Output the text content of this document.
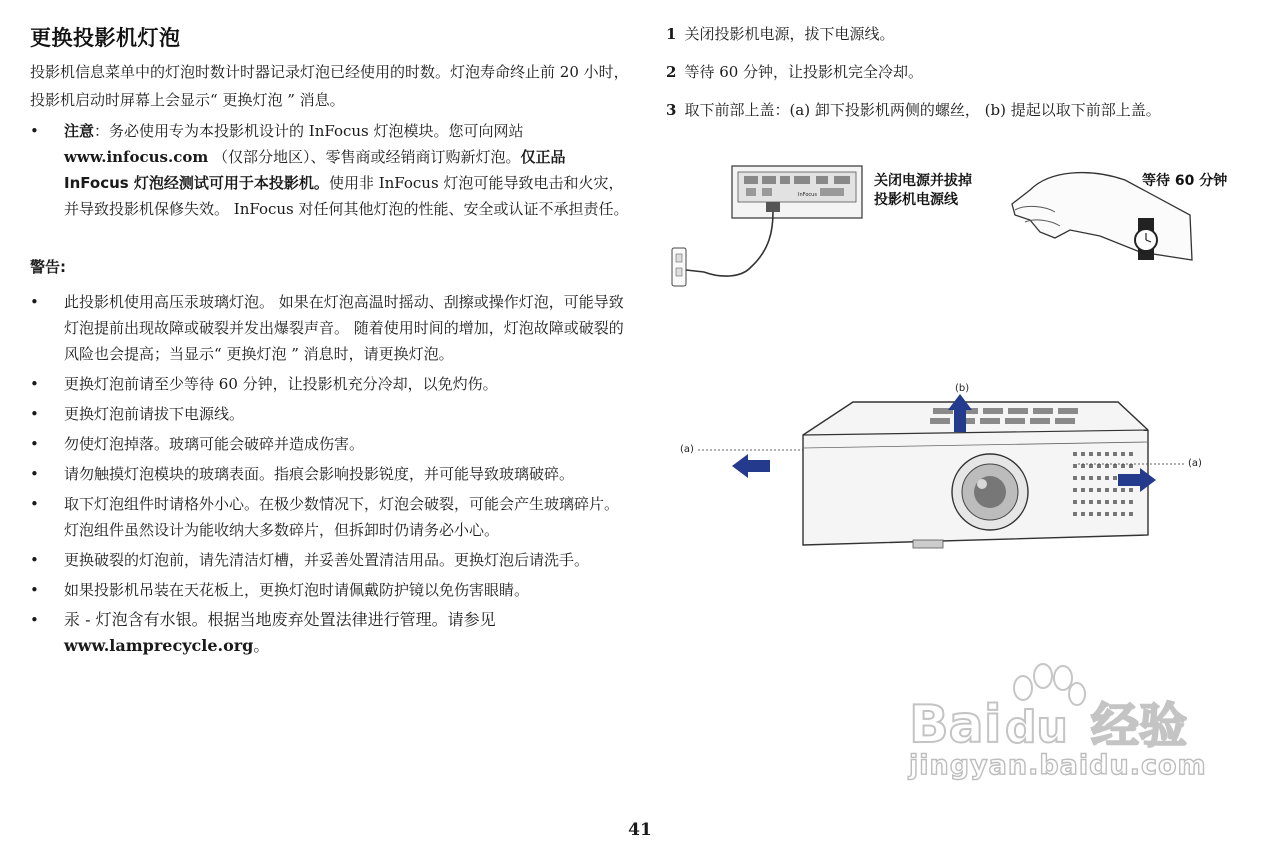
更换投影机灯泡
投影机信息菜单中的灯泡时数计时器记录灯泡已经使用的时数。灯泡寿命终止前 20 小时，投影机启动时屏幕上会显示“ 更换灯泡 ” 消息。
• 注意：务必使用专为本投影机设计的 InFocus 灯泡模块。您可向网站
www.infocus.com （仅部分地区）、零售商或经销商订购新灯泡。仅正品 InFocus 灯泡经测试可用于本投影机。使用非 InFocus 灯泡可能导致电击和火灾，并导致投影机保修失效。 InFocus 对任何其他灯泡的性能、安全或认证不承担责任。
警告:
• 此投影机使用高压汞玻璃灯泡。 如果在灯泡高温时摇动、刮擦或操作灯泡，可能导致灯泡提前出现故障或破裂并发出爆裂声音。 随着使用时间的增加，灯泡故障或破裂的风险也会提高；当显示“ 更换灯泡 ” 消息时，请更换灯泡。
• 更换灯泡前请至少等待 60 分钟，让投影机充分冷却，以免灼伤。
• 更换灯泡前请拔下电源线。
• 勿使灯泡掉落。玻璃可能会破碎并造成伤害。
• 请勿触摸灯泡模块的玻璃表面。指痕会影响投影锐度，并可能导致玻璃破碎。
• 取下灯泡组件时请格外小心。在极少数情况下，灯泡会破裂，可能会产生玻璃碎片。灯泡组件虽然设计为能收纳大多数碎片，但拆卸时仍请务必小心。
• 更换破裂的灯泡前，请先清洁灯槽，并妥善处置清洁用品。更换灯泡后请洗手。
• 如果投影机吊装在天花板上，更换灯泡时请佩戴防护镜以免伤害眼睛。
• 汞 - 灯泡含有水银。根据当地废弃处置法律进行管理。请参见
www.lamprecycle.org。
1 关闭投影机电源，拔下电源线。
2 等待 60 分钟，让投影机完全冷却。
3 取下前部上盖：(a) 卸下投影机两侧的螺丝， (b) 提起以取下前部上盖。
InFocus
关闭电源并拔掉
投影机电源线
等待 60 分钟
(b)
(a)
(a)
Bai du 经验
jingyan.baidu.com
41
